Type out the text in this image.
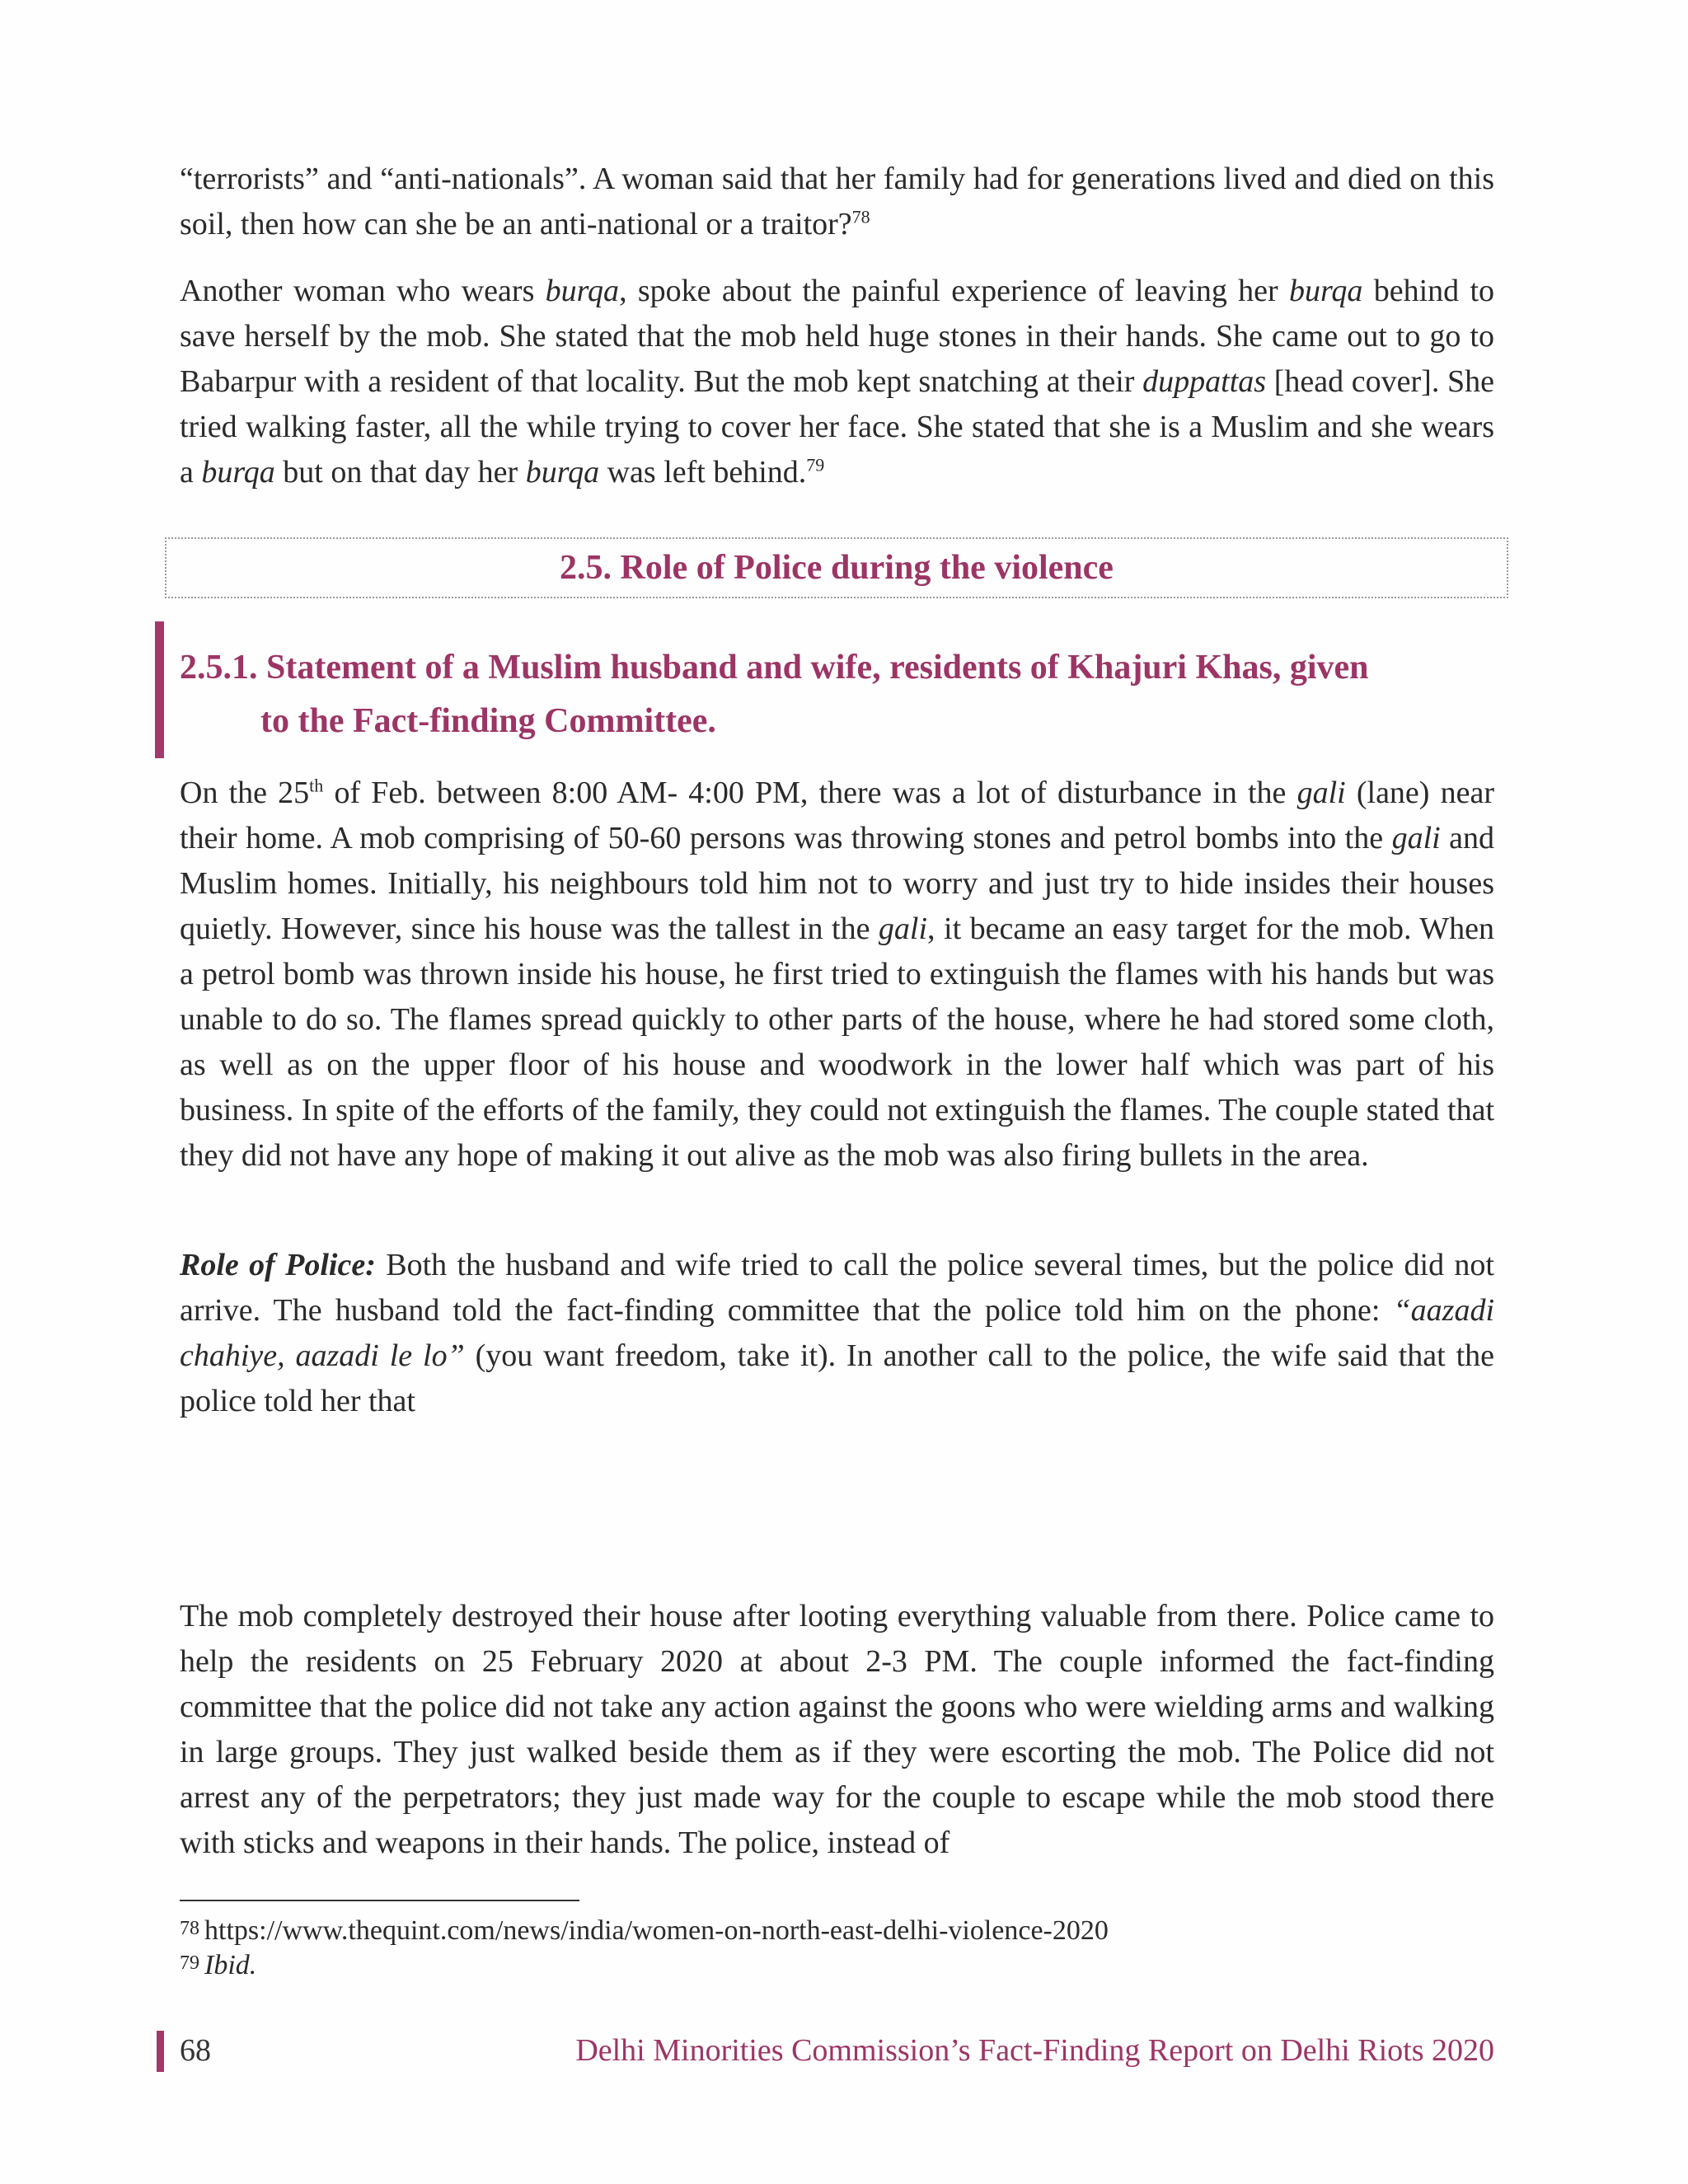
“terrorists” and “anti-nationals”. A woman said that her family had for generations lived and died on this soil, then how can she be an anti-national or a traitor?$^{78}$

Another woman who wears burqa, spoke about the painful experience of leaving her burqa behind to save herself by the mob. She stated that the mob held huge stones in their hands. She came out to go to Babarpur with a resident of that locality. But the mob kept snatching at their duppattas [head cover]. She tried walking faster, all the while trying to cover her face. She stated that she is a Muslim and she wears a burqa but on that day her burqa was left behind.$^{79}$

2.5. Role of Police during the violence
2.5.1. Statement of a Muslim husband and wife, residents of Khajuri Khas, given
to the Fact-finding Committee.

On the 25th of Feb. between 8:00 AM- 4:00 PM, there was a lot of disturbance in the gali (lane) near their home. A mob comprising of 50-60 persons was throwing stones and petrol bombs into the gali and Muslim homes. Initially, his neighbours told him not to worry and just try to hide insides their houses quietly. However, since his house was the tallest in the gali, it became an easy target for the mob. When a petrol bomb was thrown inside his house, he first tried to extinguish the flames with his hands but was unable to do so. The flames spread quickly to other parts of the house, where he had stored some cloth, as well as on the upper floor of his house and woodwork in the lower half which was part of his business. In spite of the efforts of the family, they could not extinguish the flames. The couple stated that they did not have any hope of making it out alive as the mob was also firing bullets in the area.

Role of Police: Both the husband and wife tried to call the police several times, but the police did not arrive. The husband told the fact-finding committee that the police told him on the phone: “aazadi chahiye, aazadi le lo” (you want freedom, take it). In another call to the police, the wife said that the police told her that

The mob completely destroyed their house after looting everything valuable from there. Police came to help the residents on 25 February 2020 at about 2-3 PM. The couple informed the fact-finding committee that the police did not take any action against the goons who were wielding arms and walking in large groups. They just walked beside them as if they were escorting the mob. The Police did not arrest any of the perpetrators; they just made way for the couple to escape while the mob stood there with sticks and weapons in their hands. The police, instead of

$^{78}$ https://www.thequint.com/news/india/women-on-north-east-delhi-violence-2020

$^{79}$ Ibid.

68	Delhi Minorities Commission’s Fact-Finding Report on Delhi Riots 2020
